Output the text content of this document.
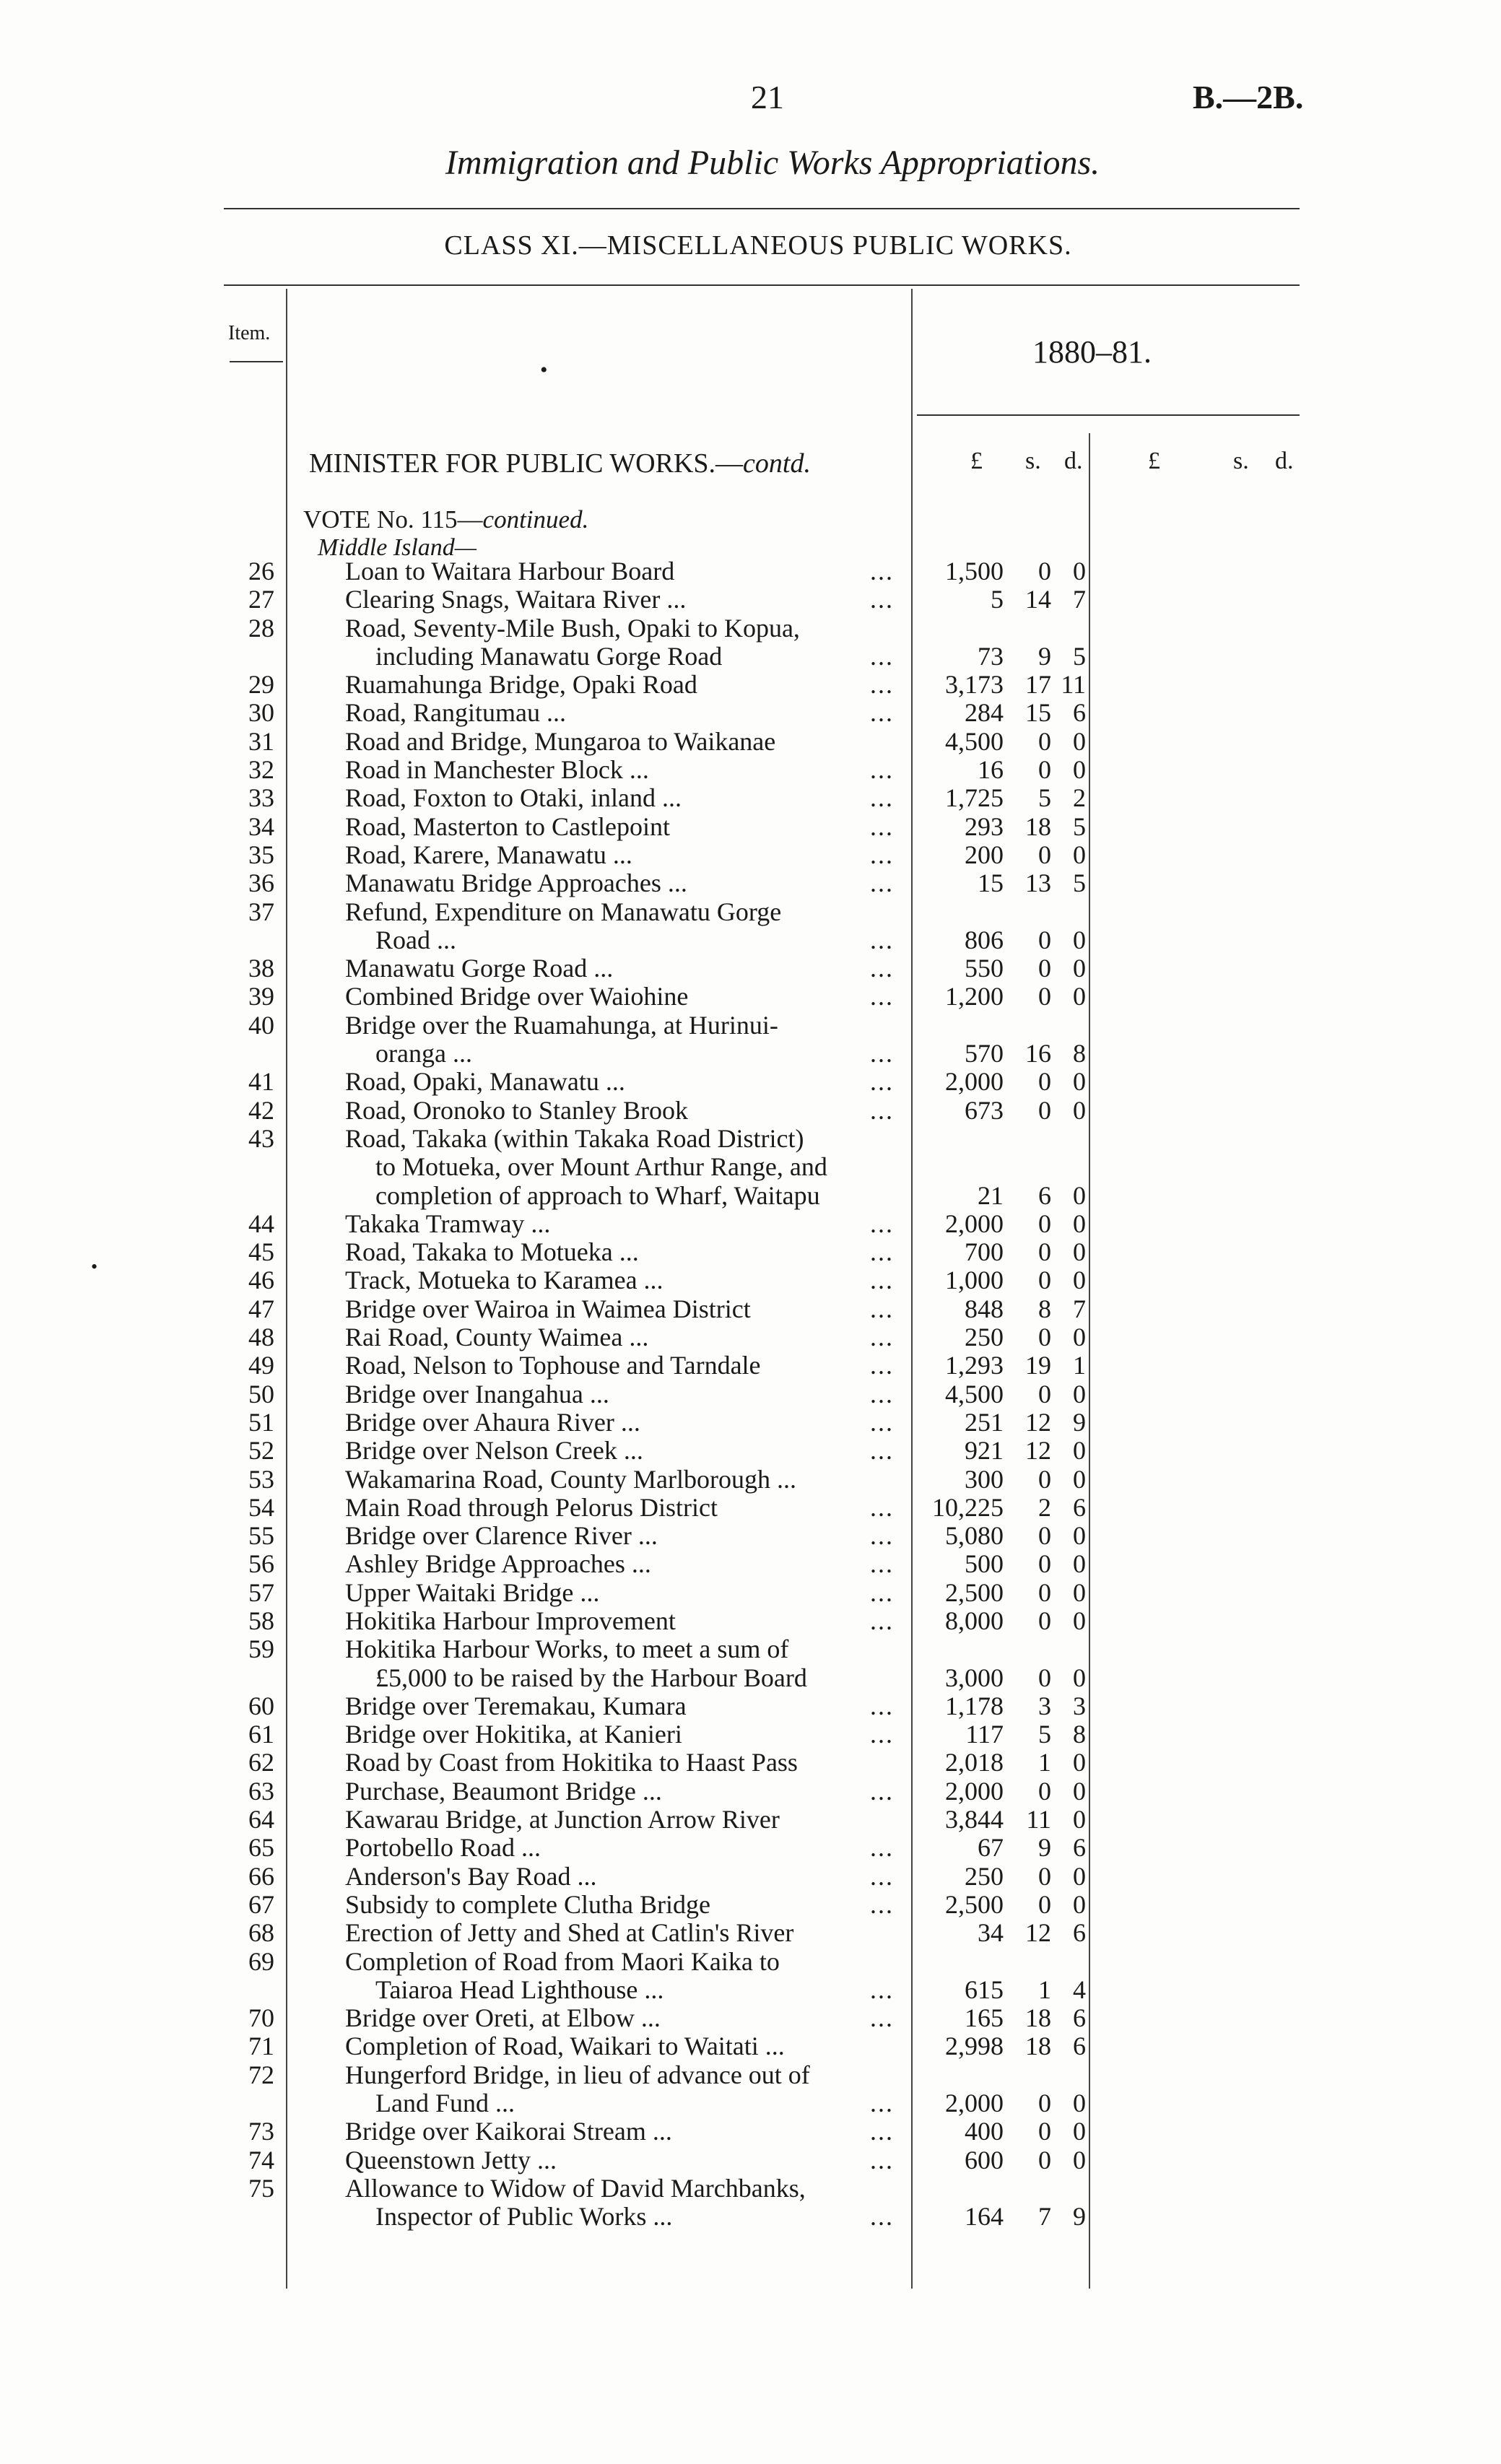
21	B.—2B.
Immigration and Public Works Appropriations.
CLASS XI.—MISCELLANEOUS PUBLIC WORKS.
Item.
•
1880–81.
MINISTER FOR PUBLIC WORKS.—contd.	£ s. d.	£	s. d.
VOTE No. 115—continued.
Middle Island—
•
26	Loan to Waitara Harbour Board	...	1,500	0 0
27	Clearing Snags, Waitara River ...	...	5 14 7
28	Road, Seventy-Mile Bush, Opaki to Kopua,
including Manawatu Gorge Road	...	73	9 5
29	Ruamahunga Bridge, Opaki Road	...	3,173 17 11
30	Road, Rangitumau ...	...	284 15 6
31	Road and Bridge, Mungaroa to Waikanae	4,500	0 0
32	Road in Manchester Block ...	...	16	0 0
33	Road, Foxton to Otaki, inland ...	...	1,725	5 2
34	Road, Masterton to Castlepoint	...	293 18 5
35	Road, Karere, Manawatu ...	...	200	0 0
36	Manawatu Bridge Approaches ...	...	15 13 5
37	Refund, Expenditure on Manawatu Gorge
Road ...	...	806	0 0
38	Manawatu Gorge Road ...	...	550	0 0
39	Combined Bridge over Waiohine	...	1,200	0 0
40	Bridge over the Ruamahunga, at Hurinui-
oranga ...	...	570 16 8
41	Road, Opaki, Manawatu ...	...	2,000	0 0
42	Road, Oronoko to Stanley Brook	...	673	0 0
43	Road, Takaka (within Takaka Road District)
to Motueka, over Mount Arthur Range, and
completion of approach to Wharf, Waitapu	21	6 0
44	Takaka Tramway ...	...	2,000	0 0
45	Road, Takaka to Motueka ...	...	700	0 0
46	Track, Motueka to Karamea ...	...	1,000	0 0
47	Bridge over Wairoa in Waimea District	...	848	8 7
48	Rai Road, County Waimea ...	...	250	0 0
49	Road, Nelson to Tophouse and Tarndale	...	1,293 19 1
50	Bridge over Inangahua ...	...	4,500	0 0
51	Bridge over Ahaura River ...	...	251 12 9
52	Bridge over Nelson Creek ...	...	921 12 0
53	Wakamarina Road, County Marlborough ...	300	0 0
54	Main Road through Pelorus District	...	10,225	2 6
55	Bridge over Clarence River ...	...	5,080	0 0
56	Ashley Bridge Approaches ...	...	500	0 0
57	Upper Waitaki Bridge ...	...	2,500	0 0
58	Hokitika Harbour Improvement	...	8,000	0 0
59	Hokitika Harbour Works, to meet a sum of
£5,000 to be raised by the Harbour Board	3,000	0 0
60	Bridge over Teremakau, Kumara	...	1,178	3 3
61	Bridge over Hokitika, at Kanieri	...	117	5 8
62	Road by Coast from Hokitika to Haast Pass	2,018	1 0
63	Purchase, Beaumont Bridge ...	...	2,000	0 0
64	Kawarau Bridge, at Junction Arrow River	3,844 11 0
65	Portobello Road ...	...	67	9 6
66	Anderson's Bay Road ...	...	250	0 0
67	Subsidy to complete Clutha Bridge	...	2,500	0 0
68	Erection of Jetty and Shed at Catlin's River	34 12 6
69	Completion of Road from Maori Kaika to
Taiaroa Head Lighthouse ...	...	615	1 4
70	Bridge over Oreti, at Elbow ...	...	165 18 6
71	Completion of Road, Waikari to Waitati ...	2,998 18 6
72	Hungerford Bridge, in lieu of advance out of
Land Fund ...	...	2,000	0 0
73	Bridge over Kaikorai Stream ...	...	400	0 0
74	Queenstown Jetty ...	...	600	0 0
75	Allowance to Widow of David Marchbanks,
Inspector of Public Works ...	...	164	7 9
